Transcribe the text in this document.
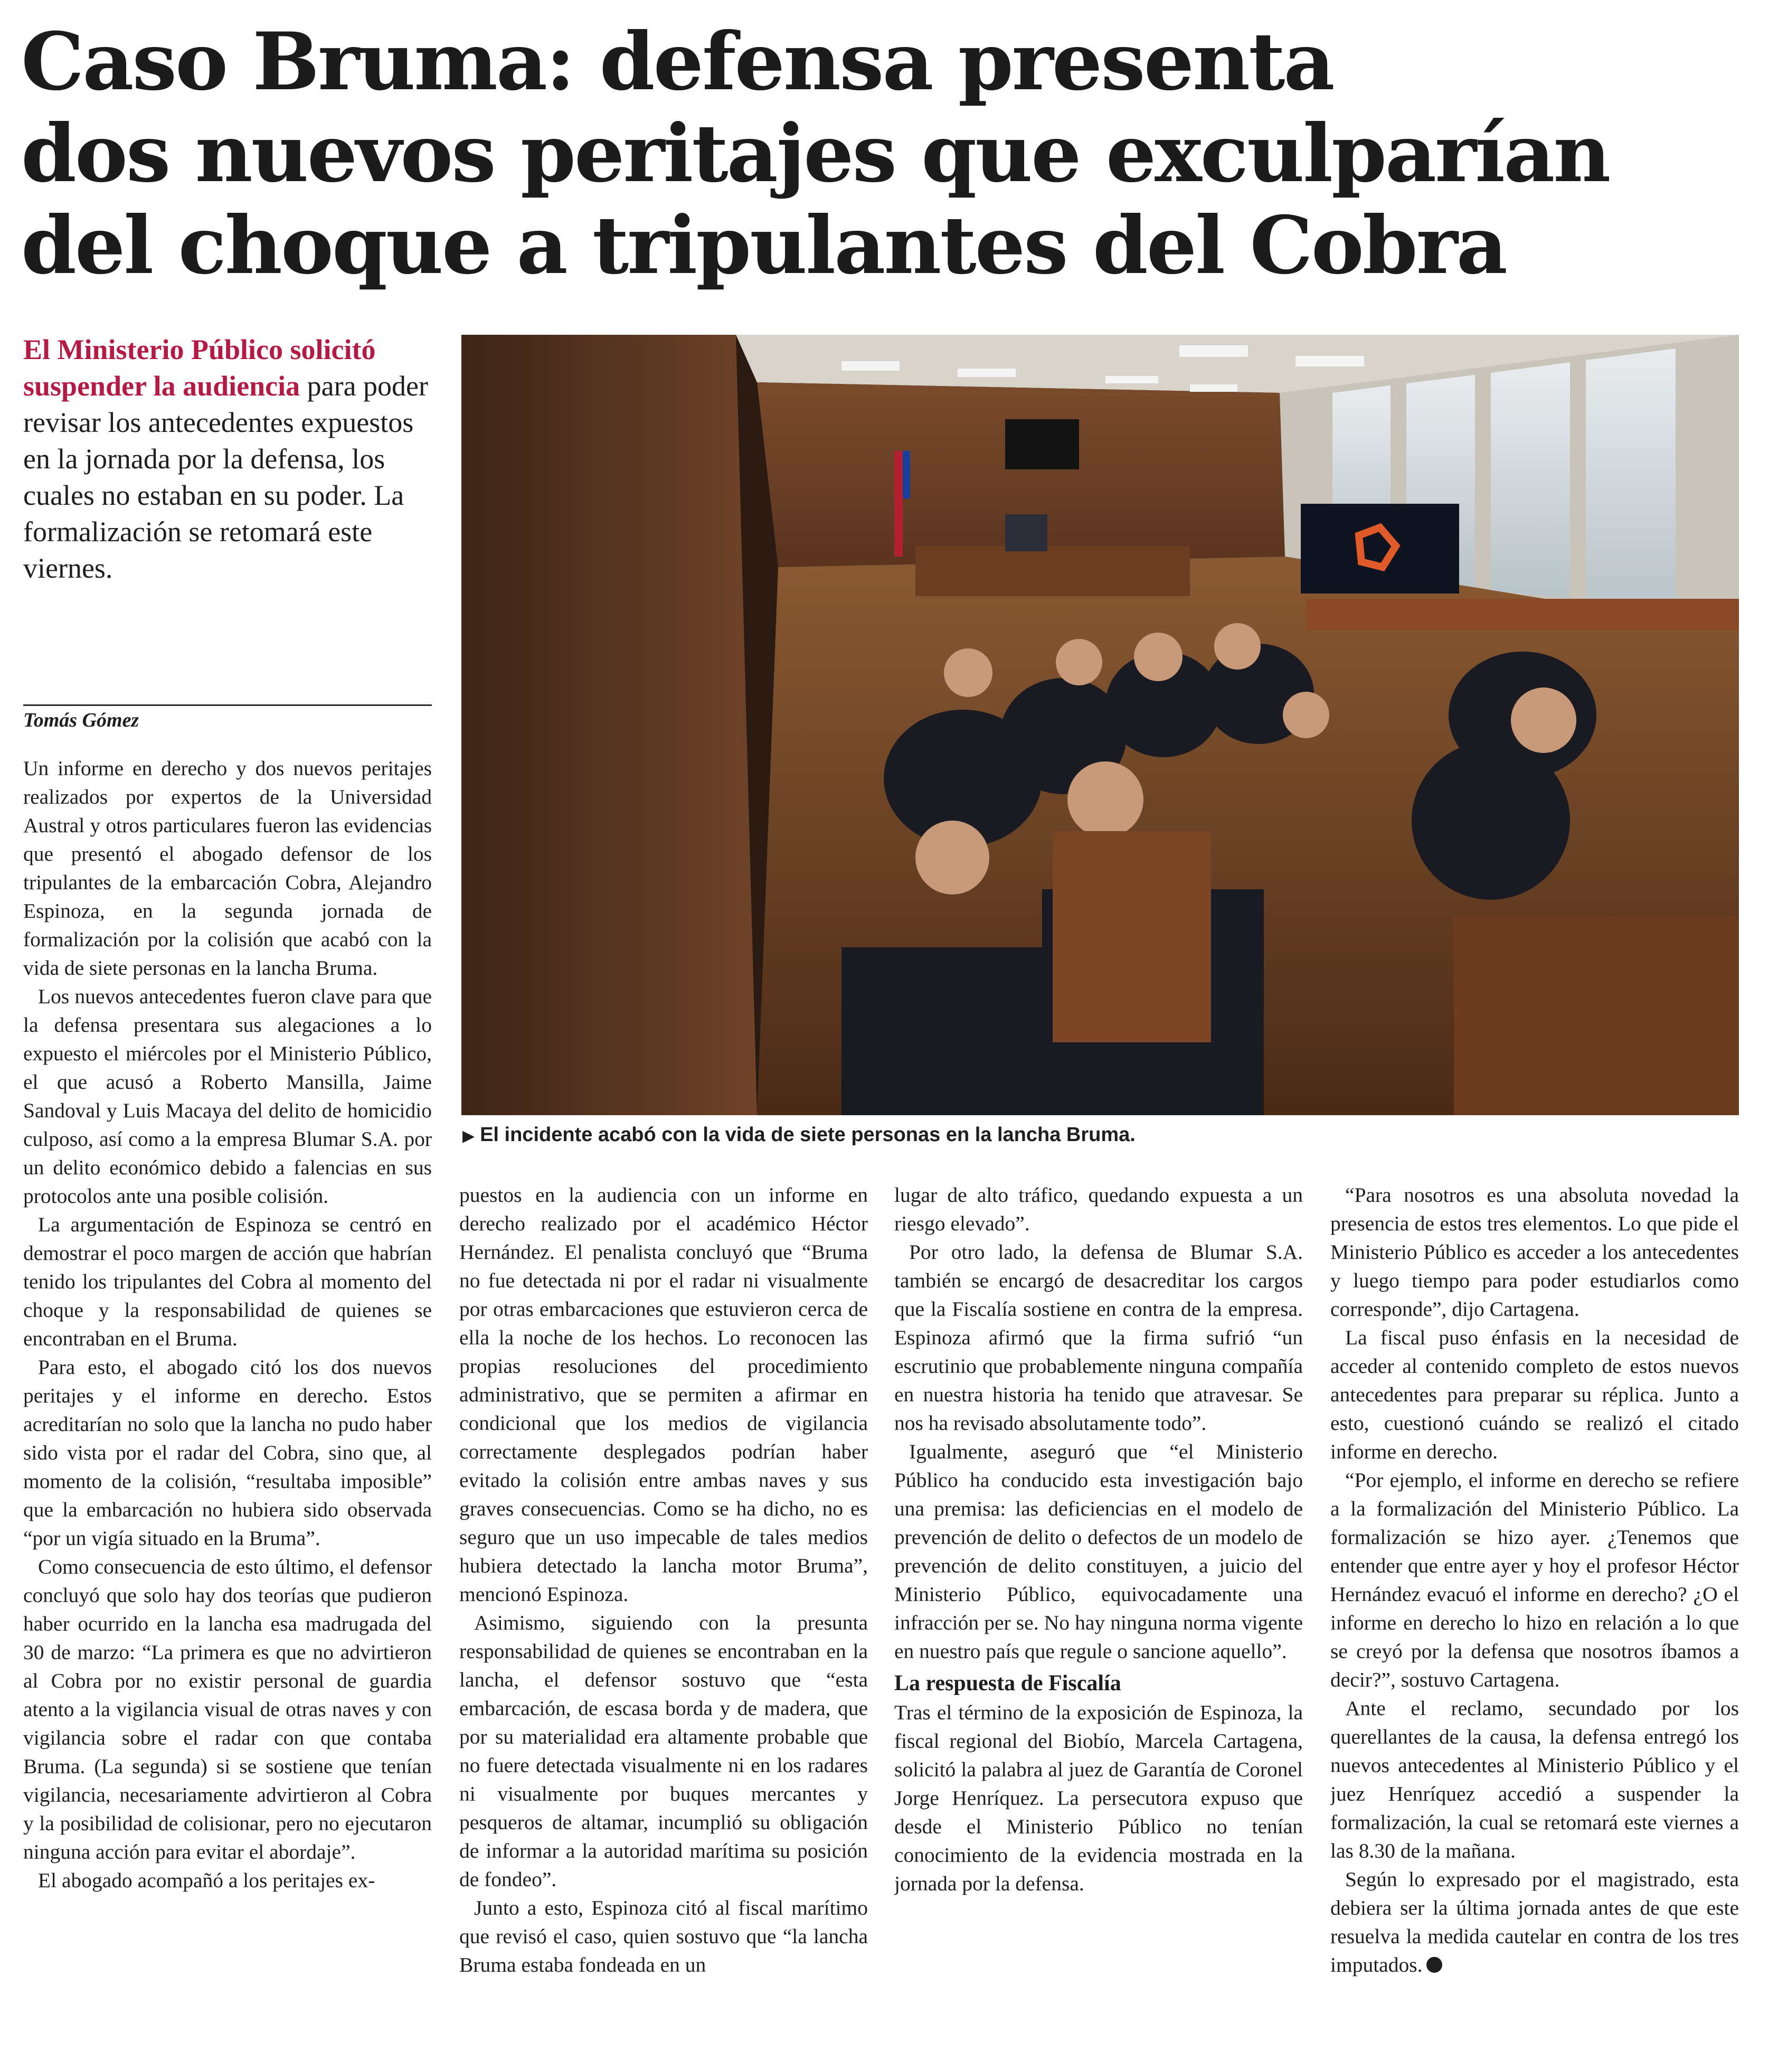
Caso Bruma: defensa presenta
dos nuevos peritajes que exculparían
del choque a tripulantes del Cobra
El Ministerio Público solicitó suspender la audiencia para poder revisar los antecedentes expuestos en la jornada por la defensa, los cuales no estaban en su poder. La formalización se retomará este viernes.
Tomás Gómez
▶ El incidente acabó con la vida de siete personas en la lancha Bruma.

Un informe en derecho y dos nuevos peritajes realizados por expertos de la Universidad Austral y otros particulares fueron las evidencias que presentó el abogado defensor de los tripulantes de la embarcación Cobra, Alejandro Espinoza, en la segunda jornada de formalización por la colisión que acabó con la vida de siete personas en la lancha Bruma.

Los nuevos antecedentes fueron clave para que la defensa presentara sus alegaciones a lo expuesto el miércoles por el Ministerio Público, el que acusó a Roberto Mansilla, Jaime Sandoval y Luis Macaya del delito de homicidio culposo, así como a la empresa Blumar S.A. por un delito económico debido a falencias en sus protocolos ante una posible colisión.

La argumentación de Espinoza se centró en demostrar el poco margen de acción que habrían tenido los tripulantes del Cobra al momento del choque y la responsabilidad de quienes se encontraban en el Bruma.

Para esto, el abogado citó los dos nuevos peritajes y el informe en derecho. Estos acreditarían no solo que la lancha no pudo haber sido vista por el radar del Cobra, sino que, al momento de la colisión, “resultaba imposible” que la embarcación no hubiera sido observada “por un vigía situado en la Bruma”.

Como consecuencia de esto último, el defensor concluyó que solo hay dos teorías que pudieron haber ocurrido en la lancha esa madrugada del 30 de marzo: “La primera es que no advirtieron al Cobra por no existir personal de guardia atento a la vigilancia visual de otras naves y con vigilancia sobre el radar con que contaba Bruma. (La segunda) si se sostiene que tenían vigilancia, necesariamente advirtieron al Cobra y la posibilidad de colisionar, pero no ejecutaron ninguna acción para evitar el abordaje”.

El abogado acompañó a los peritajes ex-

puestos en la audiencia con un informe en derecho realizado por el académico Héctor Hernández. El penalista concluyó que “Bruma no fue detectada ni por el radar ni visualmente por otras embarcaciones que estuvieron cerca de ella la noche de los hechos. Lo reconocen las propias resoluciones del procedimiento administrativo, que se permiten a afirmar en condicional que los medios de vigilancia correctamente desplegados podrían haber evitado la colisión entre ambas naves y sus graves consecuencias. Como se ha dicho, no es seguro que un uso impecable de tales medios hubiera detectado la lancha motor Bruma”, mencionó Espinoza.

Asimismo, siguiendo con la presunta responsabilidad de quienes se encontraban en la lancha, el defensor sostuvo que “esta embarcación, de escasa borda y de madera, que por su materialidad era altamente probable que no fuere detectada visualmente ni en los radares ni visualmente por buques mercantes y pesqueros de altamar, incumplió su obligación de informar a la autoridad marítima su posición de fondeo”.

Junto a esto, Espinoza citó al fiscal marítimo que revisó el caso, quien sostuvo que “la lancha Bruma estaba fondeada en un

lugar de alto tráfico, quedando expuesta a un riesgo elevado”.

Por otro lado, la defensa de Blumar S.A. también se encargó de desacreditar los cargos que la Fiscalía sostiene en contra de la empresa. Espinoza afirmó que la firma sufrió “un escrutinio que probablemente ninguna compañía en nuestra historia ha tenido que atravesar. Se nos ha revisado absolutamente todo”.

Igualmente, aseguró que “el Ministerio Público ha conducido esta investigación bajo una premisa: las deficiencias en el modelo de prevención de delito o defectos de un modelo de prevención de delito constituyen, a juicio del Ministerio Público, equivocadamente una infracción per se. No hay ninguna norma vigente en nuestro país que regule o sancione aquello”.

La respuesta de Fiscalía

Tras el término de la exposición de Espinoza, la fiscal regional del Biobío, Marcela Cartagena, solicitó la palabra al juez de Garantía de Coronel Jorge Henríquez. La persecutora expuso que desde el Ministerio Público no tenían conocimiento de la evidencia mostrada en la jornada por la defensa.

“Para nosotros es una absoluta novedad la presencia de estos tres elementos. Lo que pide el Ministerio Público es acceder a los antecedentes y luego tiempo para poder estudiarlos como corresponde”, dijo Cartagena.

La fiscal puso énfasis en la necesidad de acceder al contenido completo de estos nuevos antecedentes para preparar su réplica. Junto a esto, cuestionó cuándo se realizó el citado informe en derecho.

“Por ejemplo, el informe en derecho se refiere a la formalización del Ministerio Público. La formalización se hizo ayer. ¿Tenemos que entender que entre ayer y hoy el profesor Héctor Hernández evacuó el informe en derecho? ¿O el informe en derecho lo hizo en relación a lo que se creyó por la defensa que nosotros íbamos a decir?”, sostuvo Cartagena.

Ante el reclamo, secundado por los querellantes de la causa, la defensa entregó los nuevos antecedentes al Ministerio Público y el juez Henríquez accedió a suspender la formalización, la cual se retomará este viernes a las 8.30 de la mañana.

Según lo expresado por el magistrado, esta debiera ser la última jornada antes de que este resuelva la medida cautelar en contra de los tres imputados.
